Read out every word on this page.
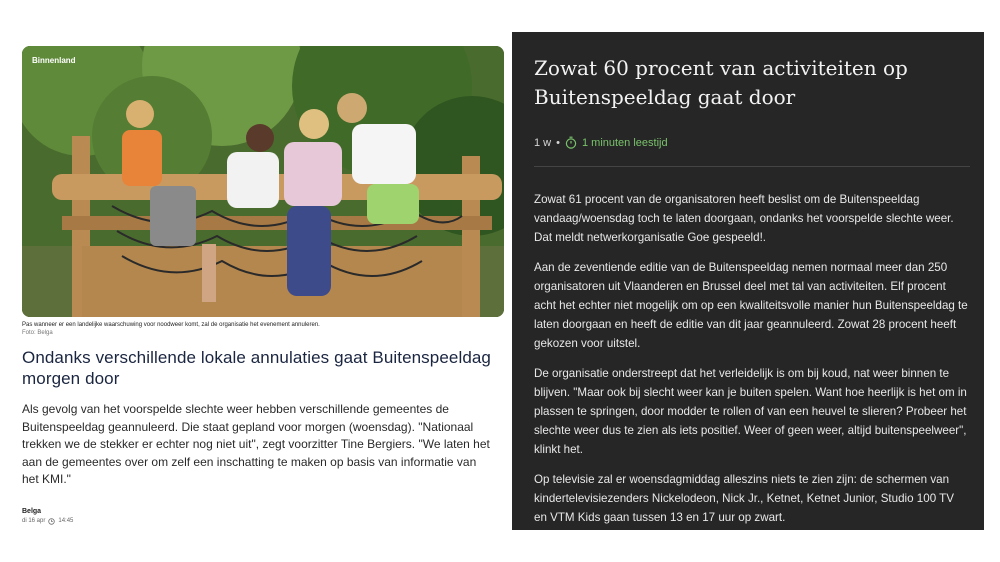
Binnenland
Pas wanneer er een landelijke waarschuwing voor noodweer komt, zal de organisatie het evenement annuleren.
Foto: Belga
Ondanks verschillende lokale annulaties gaat Buitenspeeldag morgen door
Als gevolg van het voorspelde slechte weer hebben verschillende gemeentes de Buitenspeeldag geannuleerd. Die staat gepland voor morgen (woensdag). "Nationaal trekken we de stekker er echter nog niet uit", zegt voorzitter Tine Bergiers. "We laten het aan de gemeentes over om zelf een inschatting te maken op basis van informatie van het KMI."
Belga
di 16 apr 14:45
Zowat 60 procent van activiteiten op Buitenspeeldag gaat door
1 w • 1 minuten leestijd

Zowat 61 procent van de organisatoren heeft beslist om de Buitenspeeldag vandaag/woensdag toch te laten doorgaan, ondanks het voorspelde slechte weer. Dat meldt netwerkorganisatie Goe gespeeld!.

Aan de zeventiende editie van de Buitenspeeldag nemen normaal meer dan 250 organisatoren uit Vlaanderen en Brussel deel met tal van activiteiten. Elf procent acht het echter niet mogelijk om op een kwaliteitsvolle manier hun Buitenspeeldag te laten doorgaan en heeft de editie van dit jaar geannuleerd. Zowat 28 procent heeft gekozen voor uitstel.

De organisatie onderstreept dat het verleidelijk is om bij koud, nat weer binnen te blijven. "Maar ook bij slecht weer kan je buiten spelen. Want hoe heerlijk is het om in plassen te springen, door modder te rollen of van een heuvel te slieren? Probeer het slechte weer dus te zien als iets positief. Weer of geen weer, altijd buitenspeelweer", klinkt het.

Op televisie zal er woensdagmiddag alleszins niets te zien zijn: de schermen van kindertelevisiezenders Nickelodeon, Nick Jr., Ketnet, Ketnet Junior, Studio 100 TV en VTM Kids gaan tussen 13 en 17 uur op zwart.
